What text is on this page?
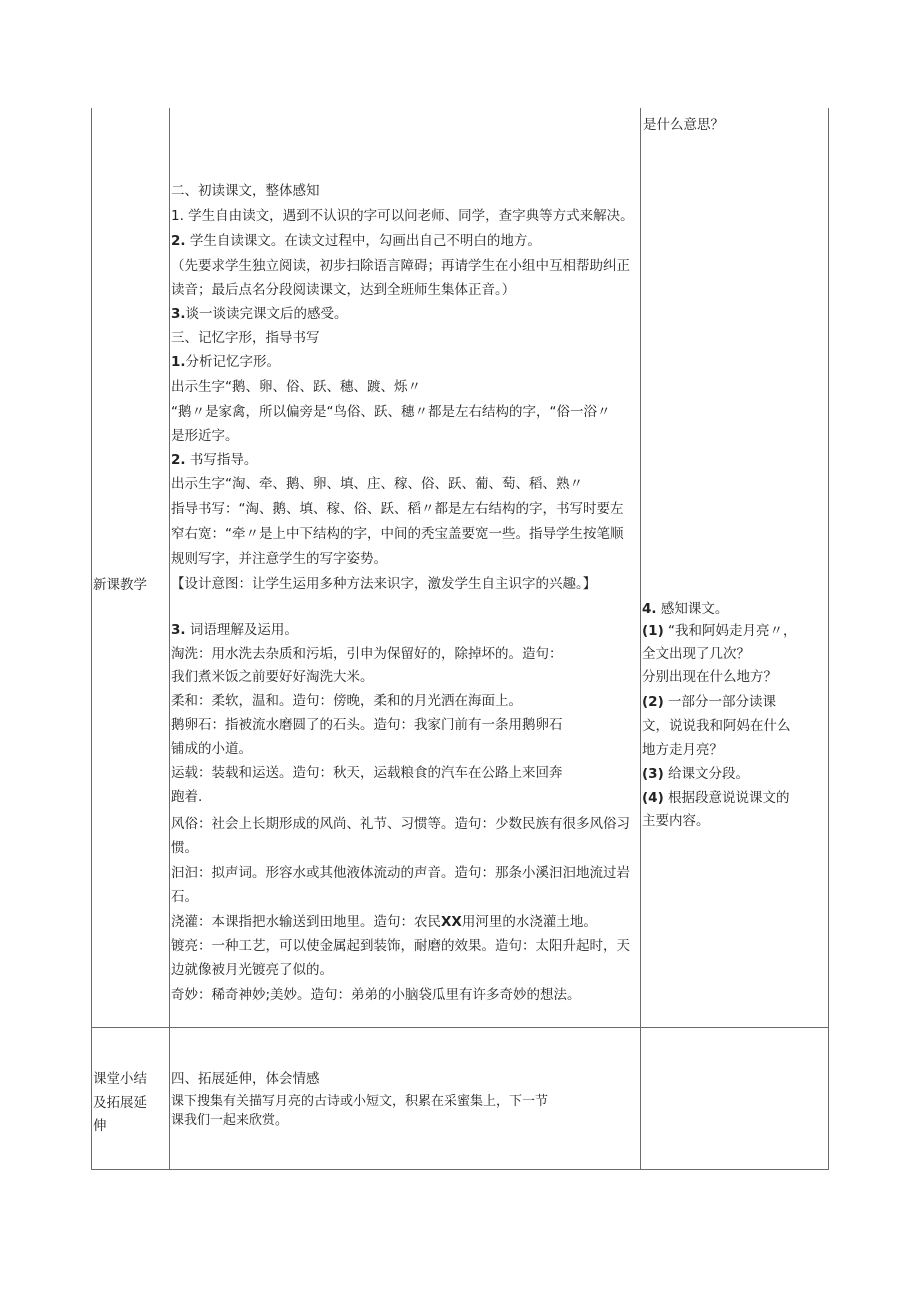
新课教学
是什么意思？
二、初读课文，整体感知
1. 学生自由读文，遇到不认识的字可以问老师、同学，查字典等方式来解决。
2. 学生自读课文。在读文过程中，勾画出自己不明白的地方。
（先要求学生独立阅读，初步扫除语言障碍；再请学生在小组中互相帮助纠正
读音；最后点名分段阅读课文，达到全班师生集体正音。）
3.谈一谈读完课文后的感受。
三、记忆字形，指导书写
1.分析记忆字形。
出示生字“鹅、卵、俗、跃、穗、踱、烁〃
“鹅〃是家禽，所以偏旁是“鸟俗、跃、穗〃都是左右结构的字，“俗一浴〃
是形近字。
2. 书写指导。
出示生字“淘、牵、鹅、卵、填、庄、稼、俗、跃、葡、萄、稻、熟〃
指导书写：“淘、鹅、填、稼、俗、跃、稻〃都是左右结构的字，书写时要左
窄右宽：“牵〃是上中下结构的字，中间的秃宝盖要宽一些。指导学生按笔顺
规则写字，并注意学生的写字姿势。
【设计意图：让学生运用多种方法来识字，激发学生自主识字的兴趣。】
3. 词语理解及运用。
淘洗：用水洗去杂质和污垢，引申为保留好的，除掉坏的。造句：
我们煮米饭之前要好好淘洗大米。
柔和：柔软，温和。造句：傍晚，柔和的月光洒在海面上。
鹅卵石：指被流水磨圆了的石头。造句：我家门前有一条用鹅卵石
铺成的小道。
运载：装载和运送。造句：秋天，运载粮食的汽车在公路上来回奔
跑着.
风俗：社会上长期形成的风尚、礼节、习惯等。造句：少数民族有很多风俗习
惯。
汩汩：拟声词。形容水或其他液体流动的声音。造句：那条小溪汩汩地流过岩
石。
浇灌：本课指把水输送到田地里。造句：农民XX用河里的水浇灌土地。
镀亮：一种工艺，可以使金属起到装饰，耐磨的效果。造句：太阳升起时，天
边就像被月光镀亮了似的。
奇妙：稀奇神妙;美妙。造句：弟弟的小脑袋瓜里有许多奇妙的想法。
4. 感知课文。
(1) “我和阿妈走月亮〃，
全文出现了几次？
分别出现在什么地方？
(2) 一部分一部分读课
文，说说我和阿妈在什么
地方走月亮？
(3) 给课文分段。
(4) 根据段意说说课文的
主要内容。
课堂小结
及拓展延
伸
四、拓展延伸，体会情感
课下搜集有关描写月亮的古诗或小短文，积累在采蜜集上，下一节
课我们一起来欣赏。
